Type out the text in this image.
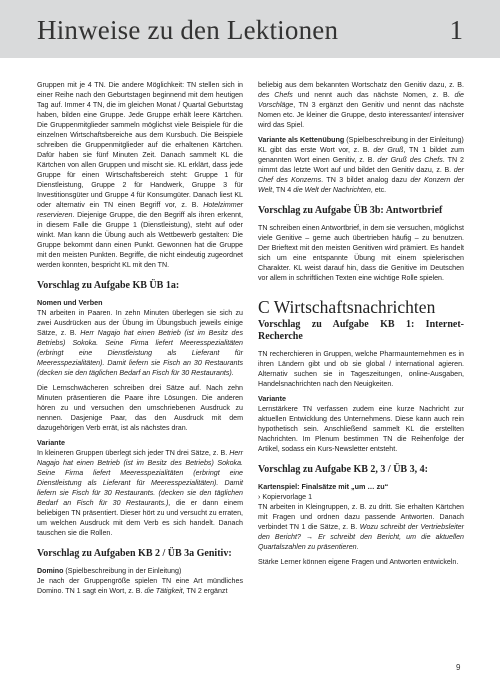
Hinweise zu den Lektionen	1

Gruppen mit je 4 TN. Die andere Möglichkeit: TN stellen sich in einer Reihe nach den Geburtstagen beginnend mit dem heutigen Tag auf. Immer 4 TN, die im gleichen Monat / Quartal Geburtstag haben, bilden eine Gruppe. Jede Gruppe erhält leere Kärtchen. Die Gruppenmitglieder sammeln möglichst viele Beispiele für die einzelnen Wirtschaftsbereiche aus dem Kursbuch. Die Beispiele schreiben die Gruppenmitglieder auf die erhaltenen Kärtchen. Dafür haben sie fünf Minuten Zeit. Danach sammelt KL die Kärtchen von allen Gruppen und mischt sie. KL erklärt, dass jede Gruppe für einen Wirtschaftsbereich steht: Gruppe 1 für Dienstleistung, Gruppe 2 für Handwerk, Gruppe 3 für Investitionsgüter und Gruppe 4 für Konsumgüter. Danach liest KL oder alternativ ein TN einen Begriff vor, z. B. Hotelzimmer reservieren. Diejenige Gruppe, die den Begriff als ihren erkennt, in diesem Falle die Gruppe 1 (Dienstleistung), steht auf oder winkt. Man kann die Übung auch als Wettbewerb gestalten: Die Gruppe bekommt dann einen Punkt. Gewonnen hat die Gruppe mit den meisten Punkten. Begriffe, die nicht eindeutig zugeordnet werden konnten, bespricht KL mit den TN.

Vorschlag zu Aufgabe KB ÜB 1a:
Nomen und Verben

TN arbeiten in Paaren. In zehn Minuten überlegen sie sich zu zwei Ausdrücken aus der Übung im Übungsbuch jeweils einige Sätze, z. B. Herr Nagajo hat einen Betrieb (ist im Besitz des Betriebs) Sokoka. Seine Firma liefert Meeresspezialitäten (erbringt eine Dienstleistung als Lieferant für Meeresspezialitäten). Damit liefern sie Fisch an 30 Restaurants (decken sie den täglichen Bedarf an Fisch für 30 Restaurants).

Die Lernschwächeren schreiben drei Sätze auf. Nach zehn Minuten präsentieren die Paare ihre Lösungen. Die anderen hören zu und versuchen den umschriebenen Ausdruck zu nennen. Dasjenige Paar, das den Ausdruck mit dem dazugehörigen Verb errät, ist als nächstes dran.

Variante

In kleineren Gruppen überlegt sich jeder TN drei Sätze, z. B. Herr Nagajo hat einen Betrieb (ist im Besitz des Betriebs) Sokoka. Seine Firma liefert Meeresspezialitäten (erbringt eine Dienstleistung als Lieferant für Meeresspezialitäten). Damit liefern sie Fisch für 30 Restaurants. (decken sie den täglichen Bedarf an Fisch für 30 Restaurants.), die er dann einem beliebigen TN präsentiert. Dieser hört zu und versucht zu erraten, um welchen Ausdruck mit dem Verb es sich handelt. Danach tauschen sie die Rollen.

Vorschlag zu Aufgaben KB 2 / ÜB 3a Genitiv:

Domino (Spielbeschreibung in der Einleitung)

Je nach der Gruppengröße spielen TN eine Art mündliches Domino. TN 1 sagt ein Wort, z. B. die Tätigkeit, TN 2 ergänzt

beliebig aus dem bekannten Wortschatz den Genitiv dazu, z. B. des Chefs und nennt auch das nächste Nomen, z. B. die Vorschläge, TN 3 ergänzt den Genitiv und nennt das nächste Nomen etc. Je kleiner die Gruppe, desto interessanter/ intensiver wird das Spiel.

Variante als Kettenübung (Spielbeschreibung in der Einleitung)

KL gibt das erste Wort vor, z. B. der Gruß, TN 1 bildet zum genannten Wort einen Genitiv, z. B. der Gruß des Chefs. TN 2 nimmt das letzte Wort auf und bildet den Genitiv dazu, z. B. der Chef des Konzerns. TN 3 bildet analog dazu der Konzern der Welt, TN 4 die Welt der Nachrichten, etc.

Vorschlag zu Aufgabe ÜB 3b: Antwortbrief

TN schreiben einen Antwortbrief, in dem sie versuchen, möglichst viele Genitive – gerne auch übertrieben häufig – zu benutzen. Der Brieftext mit den meisten Genitiven wird prämiert. Es handelt sich um eine entspannte Übung mit einem spielerischen Charakter. KL weist darauf hin, dass die Genitive im Deutschen vor allem in schriftlichen Texten eine wichtige Rolle spielen.

C Wirtschaftsnachrichten
Vorschlag zu Aufgabe KB 1: Internet-Recherche

TN recherchieren in Gruppen, welche Pharmaunternehmen es in ihren Ländern gibt und ob sie global / international agieren. Alternativ suchen sie in Tageszeitungen, online-Ausgaben, Handelsnachrichten nach den Neuigkeiten.

Variante

Lernstärkere TN verfassen zudem eine kurze Nachricht zur aktuellen Entwicklung des Unternehmens. Diese kann auch rein hypothetisch sein. Anschließend sammelt KL die erstellten Nachrichten. Im Plenum bestimmen TN die Reihenfolge der Artikel, sodass ein Kurs-Newsletter entsteht.

Vorschlag zu Aufgabe KB 2, 3 / ÜB 3, 4:
Kartenspiel: Finalsätze mit „um … zu“

› Kopiervorlage 1

TN arbeiten in Kleingruppen, z. B. zu dritt. Sie erhalten Kärtchen mit Fragen und ordnen dazu passende Antworten. Danach verbindet TN 1 die Sätze, z. B. Wozu schreibt der Vertriebsleiter den Bericht? → Er schreibt den Bericht, um die aktuellen Quartalszahlen zu präsentieren.

Stärke Lerner können eigene Fragen und Antworten entwickeln.

9
